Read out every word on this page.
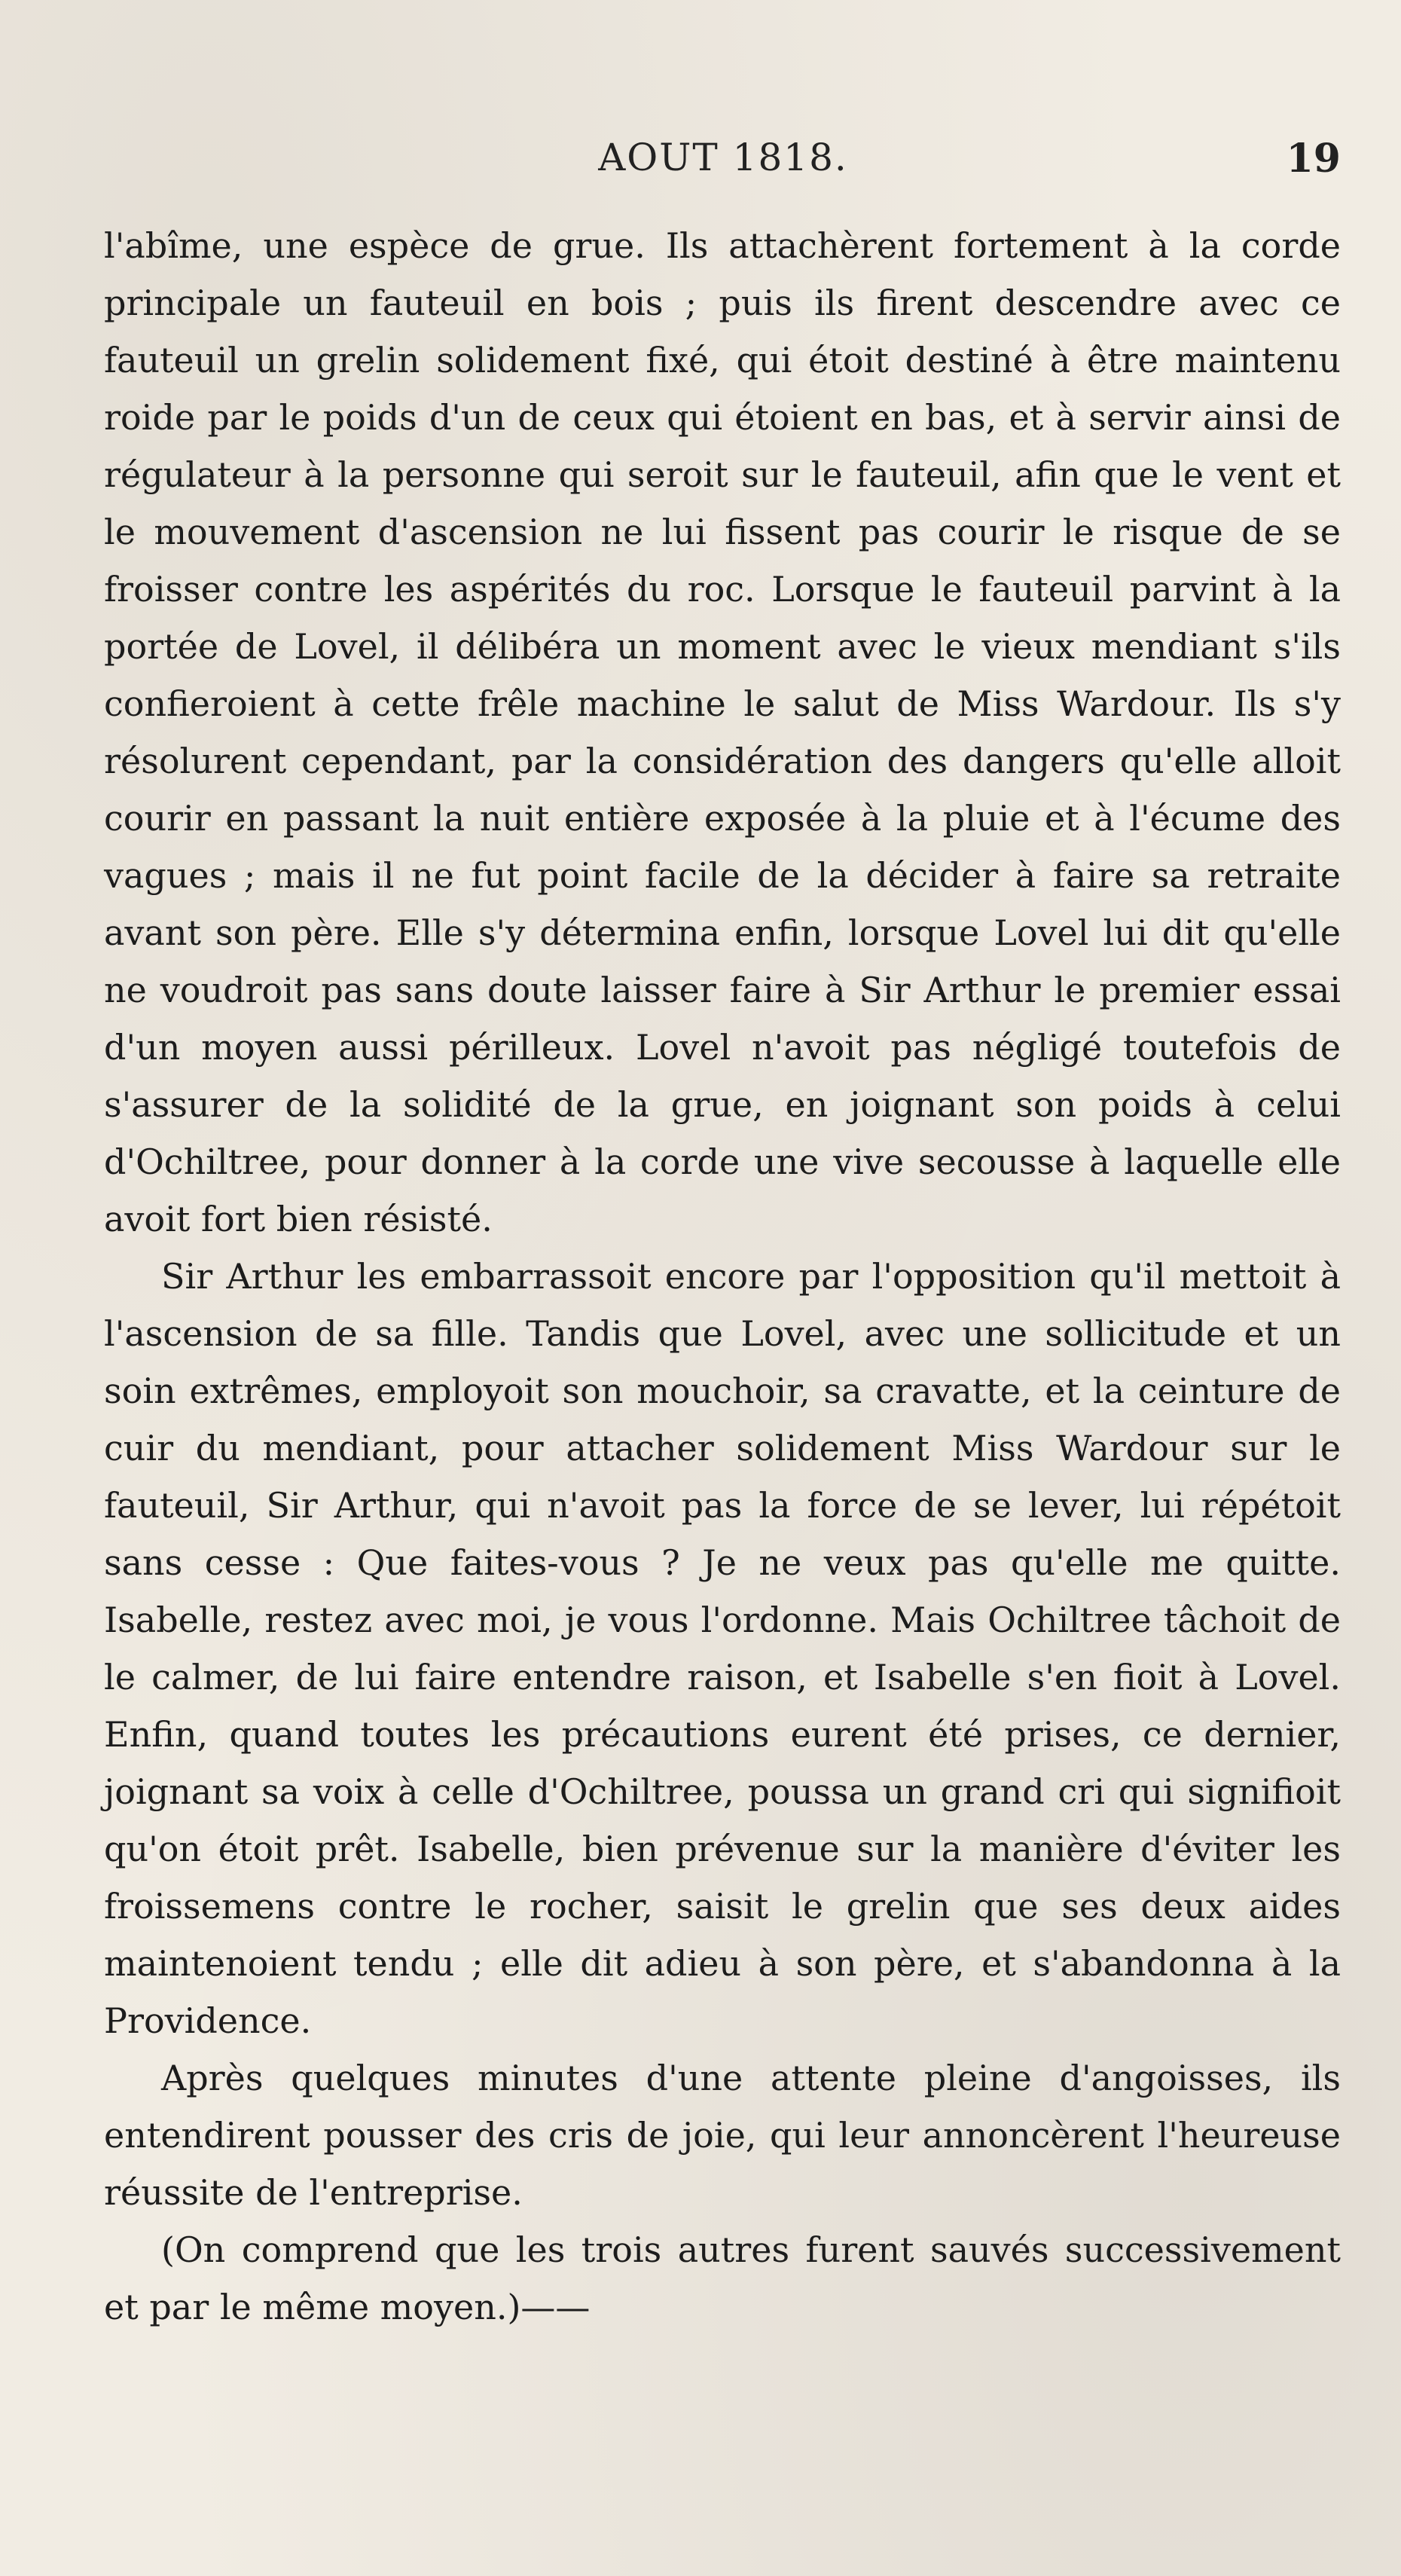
AOUT 1818.	19

l'abîme, une espèce de grue. Ils attachèrent fortement à la corde principale un fauteuil en bois ; puis ils firent descendre avec ce fauteuil un grelin solidement fixé, qui étoit destiné à être maintenu roide par le poids d'un de ceux qui étoient en bas, et à servir ainsi de régulateur à la personne qui seroit sur le fauteuil, afin que le vent et le mouvement d'ascension ne lui fissent pas courir le risque de se froisser contre les aspérités du roc. Lorsque le fauteuil parvint à la portée de Lovel, il délibéra un moment avec le vieux mendiant s'ils confieroient à cette frêle machine le salut de Miss Wardour. Ils s'y résolurent cependant, par la considération des dangers qu'elle alloit courir en passant la nuit entière exposée à la pluie et à l'écume des vagues ; mais il ne fut point facile de la décider à faire sa retraite avant son père. Elle s'y détermina enfin, lorsque Lovel lui dit qu'elle ne voudroit pas sans doute laisser faire à Sir Arthur le premier essai d'un moyen aussi périlleux. Lovel n'avoit pas négligé toutefois de s'assurer de la solidité de la grue, en joignant son poids à celui d'Ochiltree, pour donner à la corde une vive secousse à laquelle elle avoit fort bien résisté.

Sir Arthur les embarrassoit encore par l'opposition qu'il mettoit à l'ascension de sa fille. Tandis que Lovel, avec une sollicitude et un soin extrêmes, employoit son mouchoir, sa cravatte, et la ceinture de cuir du mendiant, pour attacher solidement Miss Wardour sur le fauteuil, Sir Arthur, qui n'avoit pas la force de se lever, lui répétoit sans cesse : Que faites-vous ? Je ne veux pas qu'elle me quitte. Isabelle, restez avec moi, je vous l'ordonne. Mais Ochiltree tâchoit de le calmer, de lui faire entendre raison, et Isabelle s'en fioit à Lovel. Enfin, quand toutes les précautions eurent été prises, ce dernier, joignant sa voix à celle d'Ochiltree, poussa un grand cri qui signifioit qu'on étoit prêt. Isabelle, bien prévenue sur la manière d'éviter les froissemens contre le rocher, saisit le grelin que ses deux aides maintenoient tendu ; elle dit adieu à son père, et s'abandonna à la Providence.

Après quelques minutes d'une attente pleine d'angoisses, ils entendirent pousser des cris de joie, qui leur annoncèrent l'heureuse réussite de l'entreprise.

(On comprend que les trois autres furent sauvés successivement et par le même moyen.)——
